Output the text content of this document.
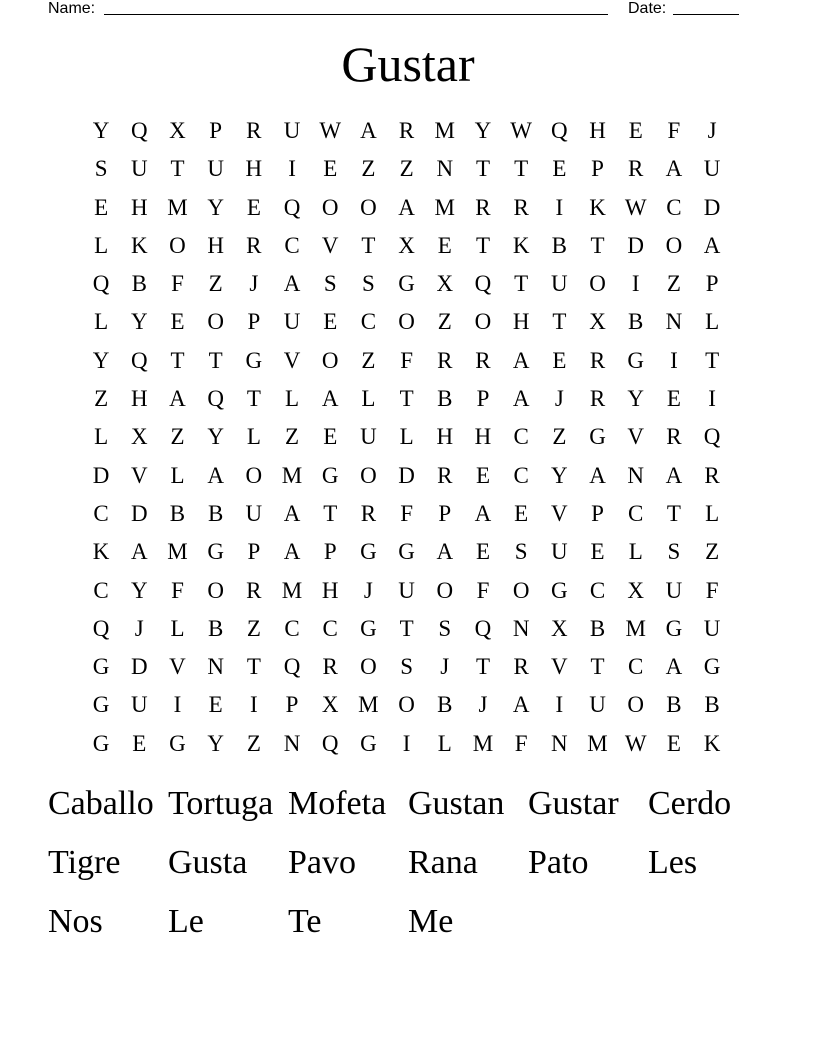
Name:	Date:
Gustar
Y Q X	P	R U W A R M Y W Q H E	F	J
S	U T U H	I	E	Z	Z N T	T	E	P	R A U
E H M Y E Q O O A M R R	I	K W C D
L K O H R C V T X E	T K B	T D O A
Q B	F	Z	J	A	S	S	G X Q T U O	I	Z	P
L Y E O	P	U E	C O Z O H T X B N L
Y Q T	T G V O Z	F	R R A E	R G	I	T
Z H A Q T	L A L	T	B	P	A	J	R Y E	I
L X Z Y L	Z	E U L H H C	Z G V R Q
D V L A O M G O D R	E	C Y A N A R
C D B B U A T	R	F	P	A E V	P	C	T	L
K A M G	P	A	P	G G A E	S	U E	L	S	Z
C Y	F	O R M H	J	U O	F	O G C X U	F
Q	J	L	B	Z	C C G T	S	Q N X B M G U
G D V N T Q R O	S	J	T	R V T	C A G
G U	I	E	I	P	X M O B	J	A	I	U O B B
G E G Y Z N Q G	I	L M F	N M W E K
Caballo Tortuga Mofeta Gustan Gustar Cerdo
Tigre	Gusta	Pavo	Rana	Pato	Les
Nos	Le	Te	Me
